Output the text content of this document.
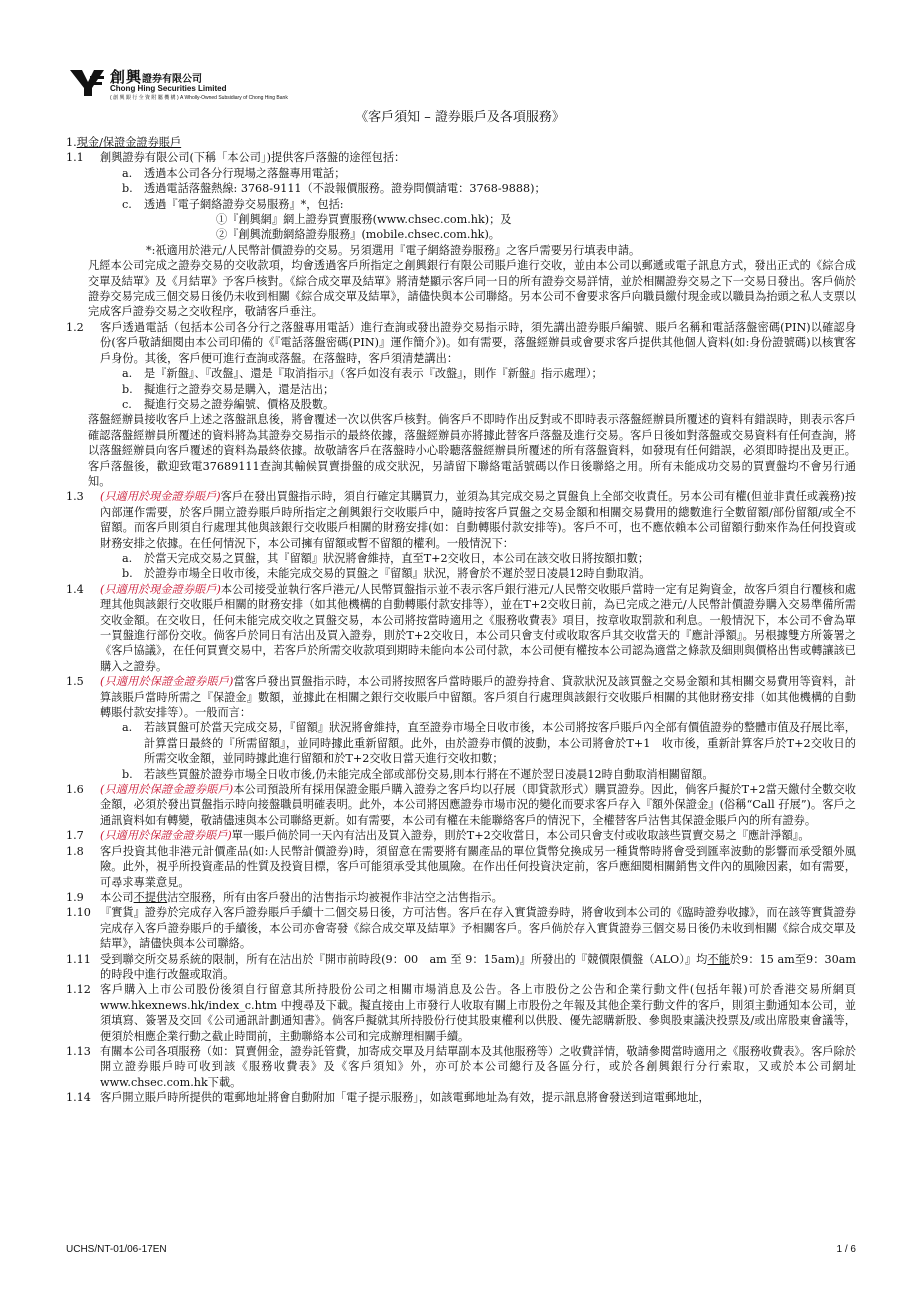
創興證券有限公司
Chong Hing Securities Limited
( 創 興 銀 行 全 資 附 屬 機 構 ) A Wholly-Owned Subsidiary of Chong Hing Bank
《客戶須知 – 證券賬戶及各項服務》
1. 現金/保證金證券賬戶
1.1	創興證券有限公司(下稱「本公司」)提供客戶落盤的途徑包括：
a.	透過本公司各分行現場之落盤專用電話；
b.	透過電話落盤熱線: 3768-9111（不設報價服務。證券問價請電：3768-9888)；
c.	透過『電子網絡證券交易服務』*，包括:
①『創興網』網上證券買賣服務(www.chsec.com.hk)；及
②『創興流動網絡證券服務』(mobile.chsec.com.hk)。
*:祇適用於港元/人民幣計價證券的交易。另須選用『電子網絡證券服務』之客戶需要另行填表申請。
凡經本公司完成之證券交易的交收款項，均會透過客戶所指定之創興銀行有限公司賬戶進行交收，並由本公司以郵遞或電子訊息方式，發出正式的《綜合成交單及結單》及《月結單》予客戶核對。《綜合成交單及結單》將清楚顯示客戶同一日的所有證券交易詳情，並於相關證券交易之下一交易日發出。客戶倘於證券交易完成三個交易日後仍未收到相關《綜合成交單及結單》，請儘快與本公司聯絡。另本公司不會要求客戶向職員繳付現金或以職員為抬頭之私人支票以完成客戶證券交易之交收程序，敬請客戶垂注。
1.2	客戶透過電話（包括本公司各分行之落盤專用電話）進行查詢或發出證券交易指示時，須先講出證券賬戶編號、賬戶名稱和電話落盤密碼(PIN)以確認身份(客戶敬請細閱由本公司印備的《『電話落盤密碼(PIN)』運作簡介》)。如有需要，落盤經辦員或會要求客戶提供其他個人資料(如:身份證號碼)以核實客戶身份。其後，客戶便可進行查詢或落盤。在落盤時，客戶須清楚講出：
a.	是『新盤』、『改盤』、還是『取消指示』（客戶如沒有表示『改盤』，則作『新盤』指示處理）；
b.	擬進行之證券交易是購入，還是沽出；
c.	擬進行交易之證券編號、價格及股數。
落盤經辦員接收客戶上述之落盤訊息後，將會覆述一次以供客戶核對。倘客戶不即時作出反對或不即時表示落盤經辦員所覆述的資料有錯誤時，則表示客戶確認落盤經辦員所覆述的資料將為其證券交易指示的最終依據，落盤經辦員亦將據此替客戶落盤及進行交易。客戶日後如對落盤或交易資料有任何查詢，將以落盤經辦員向客戶覆述的資料為最終依據。故敬請客戶在落盤時小心聆聽落盤經辦員所覆述的所有落盤資料，如發現有任何錯誤，必須即時提出及更正。客戶落盤後，歡迎致電37689111查詢其輸候買賣掛盤的成交狀況，另請留下聯絡電話號碼以作日後聯絡之用。所有未能成功交易的買賣盤均不會另行通知。
1.3	(只適用於現金證券賬戶)客戶在發出買盤指示時，須自行確定其購買力，並須為其完成交易之買盤負上全部交收責任。另本公司有權(但並非責任或義務)按內部運作需要，於客戶開立證券賬戶時所指定之創興銀行交收賬戶中，隨時按客戶買盤之交易金額和相關交易費用的總數進行全數留額/部份留額/或全不留額。而客戶則須自行處理其他與該銀行交收賬戶相關的財務安排(如：自動轉賬付款安排等)。客戶不可，也不應依賴本公司留額行動來作為任何投資或財務安排之依據。在任何情況下，本公司擁有留額或暫不留額的權利。一般情況下：
a.	於當天完成交易之買盤，其『留額』狀況將會維持，直至T+2交收日，本公司在該交收日將按額扣數；
b.	於證券市場全日收市後，未能完成交易的買盤之『留額』狀況，將會於不遲於翌日凌晨12時自動取消。
1.4	(只適用於現金證券賬戶)本公司接受並執行客戶港元/人民幣買盤指示並不表示客戶銀行港元/人民幣交收賬戶當時一定有足夠資金，故客戶須自行覆核和處理其他與該銀行交收賬戶相關的財務安排（如其他機構的自動轉賬付款安排等），並在T+2交收日前，為已完成之港元/人民幣計價證券購入交易準備所需交收金額。在交收日，任何未能完成交收之買盤交易，本公司將按當時適用之《服務收費表》項目，按章收取罰款和利息。一般情況下，本公司不會為單一買盤進行部份交收。倘客戶於同日有沽出及買入證券，則於T+2交收日，本公司只會支付或收取客戶其交收當天的『應計淨額』。另根據雙方所簽署之《客戶協議》，在任何買賣交易中，若客戶於所需交收款項到期時未能向本公司付款，本公司便有權按本公司認為適當之條款及細則與價格出售或轉讓該已購入之證券。
1.5	(只適用於保證金證券賬戶)當客戶發出買盤指示時，本公司將按照客戶當時賬戶的證券持倉、貸款狀況及該買盤之交易金額和其相關交易費用等資料，計算該賬戶當時所需之『保證金』數額，並據此在相關之銀行交收賬戶中留額。客戶須自行處理與該銀行交收賬戶相關的其他財務安排（如其他機構的自動轉賬付款安排等）。一般而言：
a.	若該買盤可於當天完成交易，『留額』狀況將會維持，直至證券市場全日收市後，本公司將按客戶賬戶內全部有價值證券的整體市值及孖展比率，計算當日最終的『所需留額』，並同時據此重新留額。此外，由於證券市價的波動，本公司將會於T+1　收市後，重新計算客戶於T+2交收日的所需交收金額，並同時據此進行留額和於T+2交收日當天進行交收扣數；
b.	若該些買盤於證券市場全日收市後,仍未能完成全部或部份交易,則本行將在不遲於翌日凌晨12時自動取消相關留額。
1.6	(只適用於保證金證券賬戶)本公司預設所有採用保證金賬戶購入證券之客戶均以孖展（即貸款形式）購買證券。因此，倘客戶擬於T+2當天繳付全數交收金額，必須於發出買盤指示時向接盤職員明確表明。此外，本公司將因應證券市場市況的變化而要求客戶存入『額外保證金』(俗稱“Call 孖展”)。客戶之通訊資料如有轉變，敬請儘速與本公司聯絡更新。如有需要，本公司有權在未能聯絡客戶的情況下，全權替客戶沽售其保證金賬戶內的所有證券。
1.7	(只適用於保證金證券賬戶)單一賬戶倘於同一天內有沽出及買入證券，則於T+2交收當日，本公司只會支付或收取該些買賣交易之『應計淨額』。
1.8	客戶投資其他非港元計價產品(如:人民幣計價證券)時，須留意在需要將有關產品的單位貨幣兌換成另一種貨幣時將會受到匯率波動的影響而承受額外風險。此外，視乎所投資產品的性質及投資目標，客戶可能須承受其他風險。在作出任何投資決定前，客戶應細閱相關銷售文件內的風險因素，如有需要，可尋求專業意見。
1.9	本公司不提供沽空服務，所有由客戶發出的沽售指示均被視作非沽空之沽售指示。
1.10 『實貨』證券於完成存入客戶證券賬戶手續十二個交易日後，方可沽售。客戶在存入實貨證券時，將會收到本公司的《臨時證券收據》，而在該等實貨證券完成存入客戶證券賬戶的手續後，本公司亦會寄發《綜合成交單及結單》予相關客戶。客戶倘於存入實貨證券三個交易日後仍未收到相關《綜合成交單及結單》，請儘快與本公司聯絡。
1.11 受到聯交所交易系統的限制，所有在沽出於『開市前時段(9：00　am 至 9：15am)』所發出的『競價限價盤（ALO）』均不能於9：15 am至9：30am的時段中進行改盤或取消。
1.12 客戶購入上市公司股份後須自行留意其所持股份公司之相關市場消息及公告。各上市股份之公告和企業行動文件(包括年報)可於香港交易所網頁 www.hkexnews.hk/index_c.htm 中搜尋及下載。擬直接由上市發行人收取有關上市股份之年報及其他企業行動文件的客戶，則須主動通知本公司，並須填寫、簽署及交回《公司通訊計劃通知書》。倘客戶擬就其所持股份行使其股東權利以供股、優先認購新股、參與股東議決投票及/或出席股東會議等，便須於相應企業行動之截止時間前，主動聯絡本公司和完成辦理相關手續。
1.13 有關本公司各項服務（如：買賣佣金，證券託管費，加寄成交單及月結單副本及其他服務等）之收費詳情，敬請參閱當時適用之《服務收費表》。客戶除於開立證券賬戶時可收到該《服務收費表》及《客戶須知》外，亦可於本公司總行及各區分行，或於各創興銀行分行索取，又或於本公司網址www.chsec.com.hk下載。
1.14 客戶開立賬戶時所提供的電郵地址將會自動附加「電子提示服務」，如該電郵地址為有效，提示訊息將會發送到這電郵地址，
UCHS/NT-01/06-17EN	1 / 6
